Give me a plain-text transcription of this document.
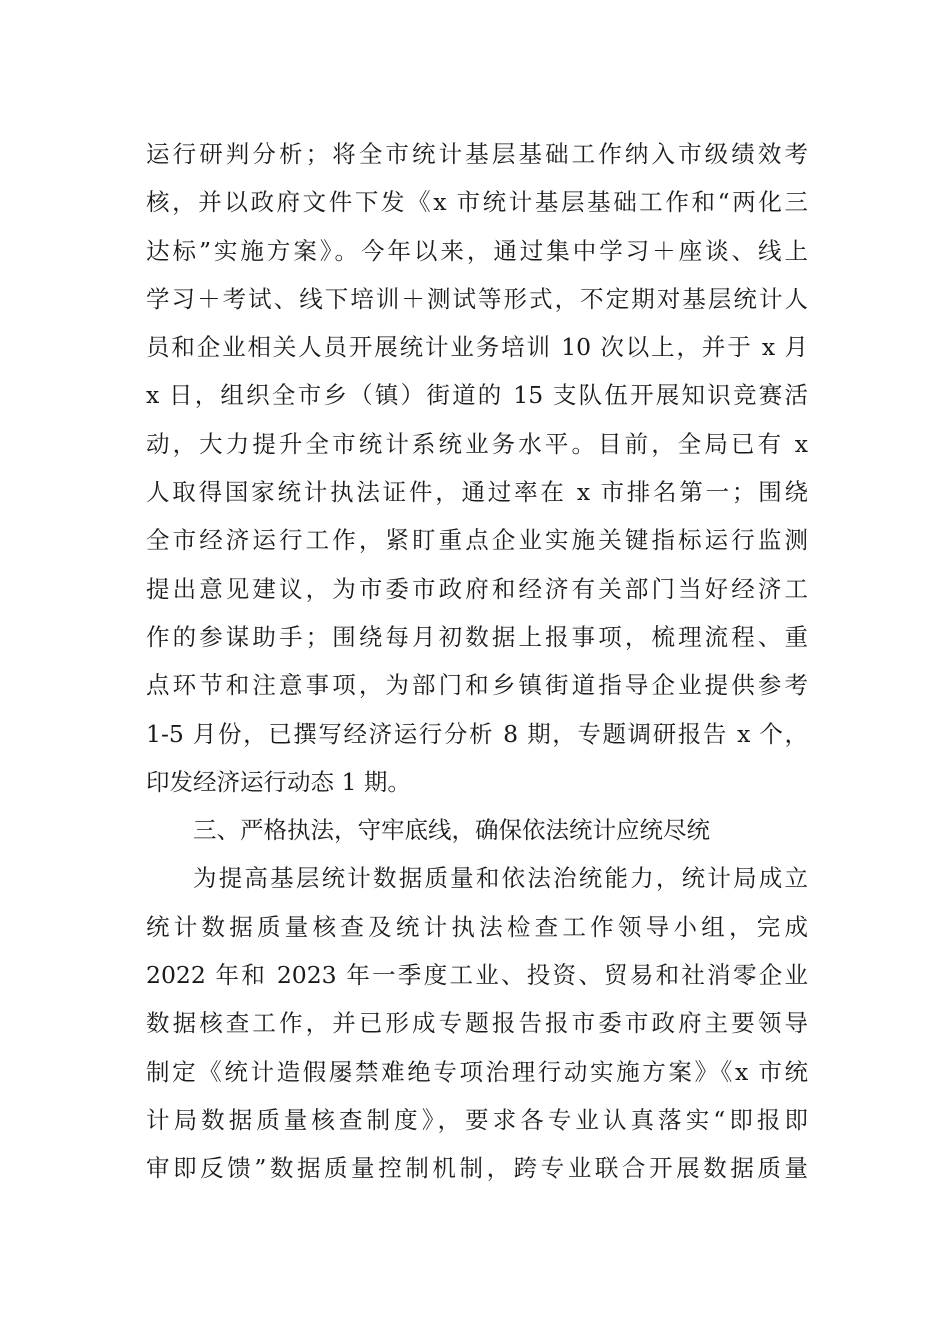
运行研判分析；将全市统计基层基础工作纳入市级绩效考
核，并以政府文件下发《x 市统计基层基础工作和“两化三
达标”实施方案》。今年以来，通过集中学习＋座谈、线上
学习＋考试、线下培训＋测试等形式，不定期对基层统计人
员和企业相关人员开展统计业务培训 10 次以上，并于 x 月
x 日，组织全市乡（镇）街道的 15 支队伍开展知识竞赛活
动，大力提升全市统计系统业务水平。目前，全局已有 x
人取得国家统计执法证件，通过率在 x 市排名第一；围绕
全市经济运行工作，紧盯重点企业实施关键指标运行监测
提出意见建议，为市委市政府和经济有关部门当好经济工
作的参谋助手；围绕每月初数据上报事项，梳理流程、重
点环节和注意事项，为部门和乡镇街道指导企业提供参考
1-5 月份，已撰写经济运行分析 8 期，专题调研报告 x 个，
印发经济运行动态 1 期。
三、严格执法，守牢底线，确保依法统计应统尽统
为提高基层统计数据质量和依法治统能力，统计局成立
统计数据质量核查及统计执法检查工作领导小组，完成
2022 年和 2023 年一季度工业、投资、贸易和社消零企业
数据核查工作，并已形成专题报告报市委市政府主要领导
制定《统计造假屡禁难绝专项治理行动实施方案》《x 市统
计局数据质量核查制度》，要求各专业认真落实“即报即
审即反馈”数据质量控制机制，跨专业联合开展数据质量
